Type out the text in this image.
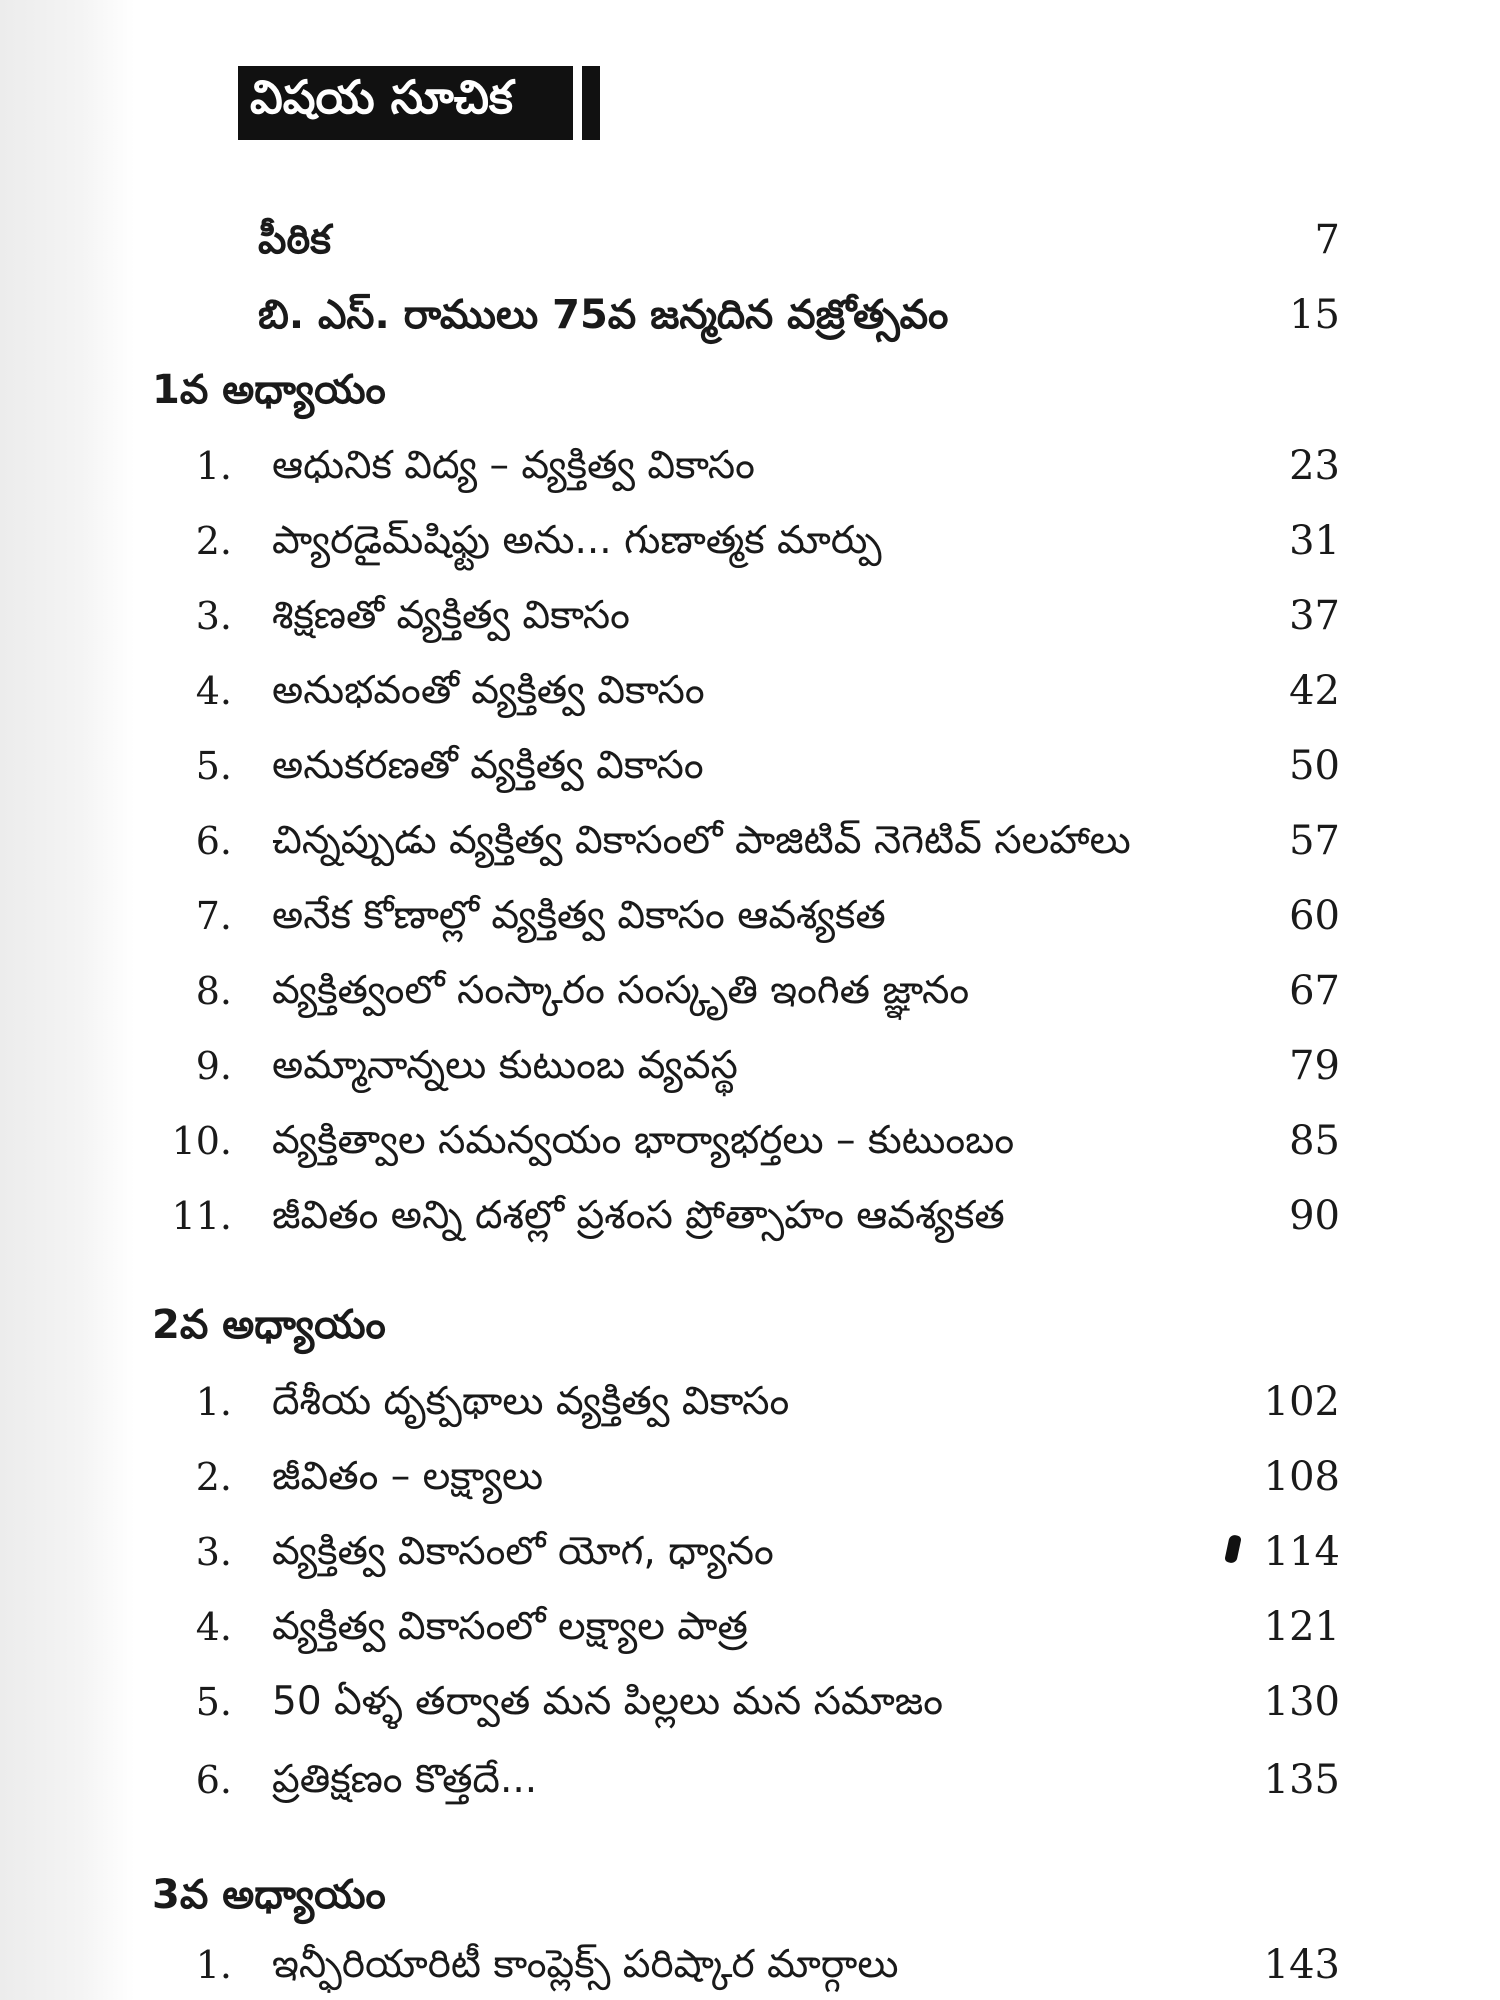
విషయ సూచిక
పీఠిక	7
బి. ఎస్. రాములు 75వ జన్మదిన వజ్రోత్సవం	15
1వ అధ్యాయం
1. ఆధునిక విద్య – వ్యక్తిత్వ వికాసం	23
2. ప్యారడైమ్‌షిఫ్టు అను... గుణాత్మక మార్పు	31
3. శిక్షణతో వ్యక్తిత్వ వికాసం	37
4. అనుభవంతో వ్యక్తిత్వ వికాసం	42
5. అనుకరణతో వ్యక్తిత్వ వికాసం	50
6. చిన్నప్పుడు వ్యక్తిత్వ వికాసంలో పాజిటివ్ నెగెటివ్ సలహాలు	57
7. అనేక కోణాల్లో వ్యక్తిత్వ వికాసం ఆవశ్యకత	60
8. వ్యక్తిత్వంలో సంస్కారం సంస్కృతి ఇంగిత జ్ఞానం	67
9. అమ్మానాన్నలు కుటుంబ వ్యవస్థ	79
10. వ్యక్తిత్వాల సమన్వయం భార్యాభర్తలు – కుటుంబం	85
11. జీవితం అన్ని దశల్లో ప్రశంస ప్రోత్సాహం ఆవశ్యకత	90
2వ అధ్యాయం
1. దేశీయ దృక్పథాలు వ్యక్తిత్వ వికాసం	102
2. జీవితం – లక్ష్యాలు	108
3. వ్యక్తిత్వ వికాసంలో యోగ, ధ్యానం	114
4. వ్యక్తిత్వ వికాసంలో లక్ష్యాల పాత్ర	121
5. 50 ఏళ్ళ తర్వాత మన పిల్లలు మన సమాజం	130
6. ప్రతిక్షణం కొత్తదే...	135
3వ అధ్యాయం
1. ఇన్ఫీరియారిటీ కాంప్లెక్స్ పరిష్కార మార్గాలు	143
